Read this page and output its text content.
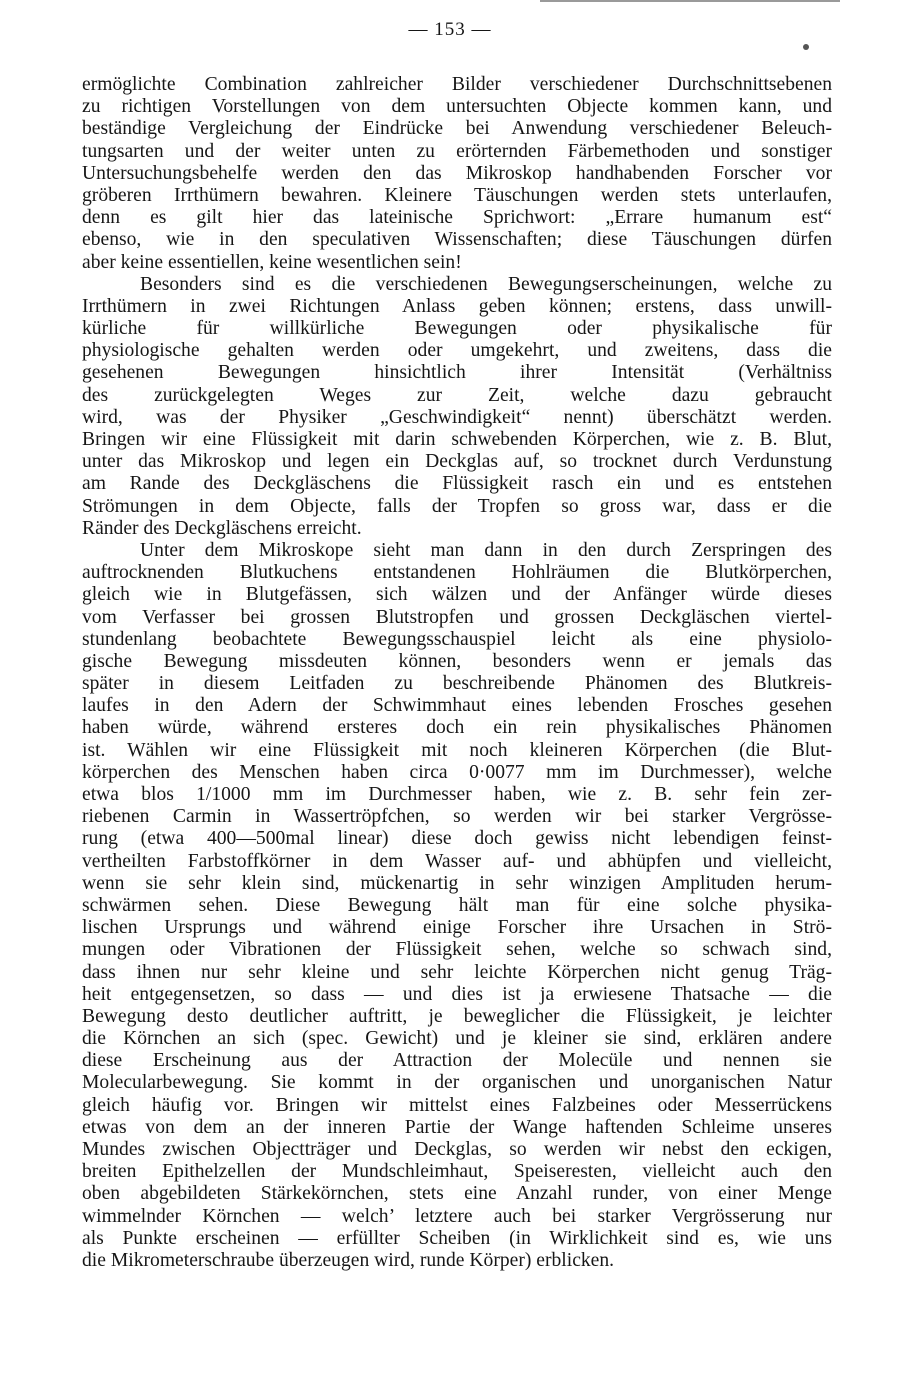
— 153 —
ermöglichte Combination zahlreicher Bilder verschiedener Durchschnittsebenen
zu richtigen Vorstellungen von dem untersuchten Objecte kommen kann, und
beständige Vergleichung der Eindrücke bei Anwendung verschiedener Beleuch-
tungsarten und der weiter unten zu erörternden Färbemethoden und sonstiger
Untersuchungsbehelfe werden den das Mikroskop handhabenden Forscher vor
gröberen Irrthümern bewahren. Kleinere Täuschungen werden stets unterlaufen,
denn es gilt hier das lateinische Sprichwort: „Errare humanum est“
ebenso, wie in den speculativen Wissenschaften; diese Täuschungen dürfen
aber keine essentiellen, keine wesentlichen sein!
Besonders sind es die verschiedenen Bewegungserscheinungen, welche zu
Irrthümern in zwei Richtungen Anlass geben können; erstens, dass unwill-
kürliche für willkürliche Bewegungen oder physikalische für
physiologische gehalten werden oder umgekehrt, und zweitens, dass die
gesehenen Bewegungen hinsichtlich ihrer Intensität (Verhältniss
des zurückgelegten Weges zur Zeit, welche dazu gebraucht
wird, was der Physiker „Geschwindigkeit“ nennt) überschätzt werden.
Bringen wir eine Flüssigkeit mit darin schwebenden Körperchen, wie z. B. Blut,
unter das Mikroskop und legen ein Deckglas auf, so trocknet durch Verdunstung
am Rande des Deckgläschens die Flüssigkeit rasch ein und es entstehen
Strömungen in dem Objecte, falls der Tropfen so gross war, dass er die
Ränder des Deckgläschens erreicht.
Unter dem Mikroskope sieht man dann in den durch Zerspringen des
auftrocknenden Blutkuchens entstandenen Hohlräumen die Blutkörperchen,
gleich wie in Blutgefässen, sich wälzen und der Anfänger würde dieses
vom Verfasser bei grossen Blutstropfen und grossen Deckgläschen viertel-
stundenlang beobachtete Bewegungsschauspiel leicht als eine physiolo-
gische Bewegung missdeuten können, besonders wenn er jemals das
später in diesem Leitfaden zu beschreibende Phänomen des Blutkreis-
laufes in den Adern der Schwimmhaut eines lebenden Frosches gesehen
haben würde, während ersteres doch ein rein physikalisches Phänomen
ist. Wählen wir eine Flüssigkeit mit noch kleineren Körperchen (die Blut-
körperchen des Menschen haben circa 0·0077 mm im Durchmesser), welche
etwa blos 1/1000 mm im Durchmesser haben, wie z. B. sehr fein zer-
riebenen Carmin in Wassertröpfchen, so werden wir bei starker Vergrösse-
rung (etwa 400—500mal linear) diese doch gewiss nicht lebendigen feinst-
vertheilten Farbstoffkörner in dem Wasser auf- und abhüpfen und vielleicht,
wenn sie sehr klein sind, mückenartig in sehr winzigen Amplituden herum-
schwärmen sehen. Diese Bewegung hält man für eine solche physika-
lischen Ursprungs und während einige Forscher ihre Ursachen in Strö-
mungen oder Vibrationen der Flüssigkeit sehen, welche so schwach sind,
dass ihnen nur sehr kleine und sehr leichte Körperchen nicht genug Träg-
heit entgegensetzen, so dass — und dies ist ja erwiesene Thatsache — die
Bewegung desto deutlicher auftritt, je beweglicher die Flüssigkeit, je leichter
die Körnchen an sich (spec. Gewicht) und je kleiner sie sind, erklären andere
diese Erscheinung aus der Attraction der Molecüle und nennen sie
Molecularbewegung. Sie kommt in der organischen und unorganischen Natur
gleich häufig vor. Bringen wir mittelst eines Falzbeines oder Messerrückens
etwas von dem an der inneren Partie der Wange haftenden Schleime unseres
Mundes zwischen Objectträger und Deckglas, so werden wir nebst den eckigen,
breiten Epithelzellen der Mundschleimhaut, Speiseresten, vielleicht auch den
oben abgebildeten Stärkekörnchen, stets eine Anzahl runder, von einer Menge
wimmelnder Körnchen — welch’ letztere auch bei starker Vergrösserung nur
als Punkte erscheinen — erfüllter Scheiben (in Wirklichkeit sind es, wie uns
die Mikrometerschraube überzeugen wird, runde Körper) erblicken.
